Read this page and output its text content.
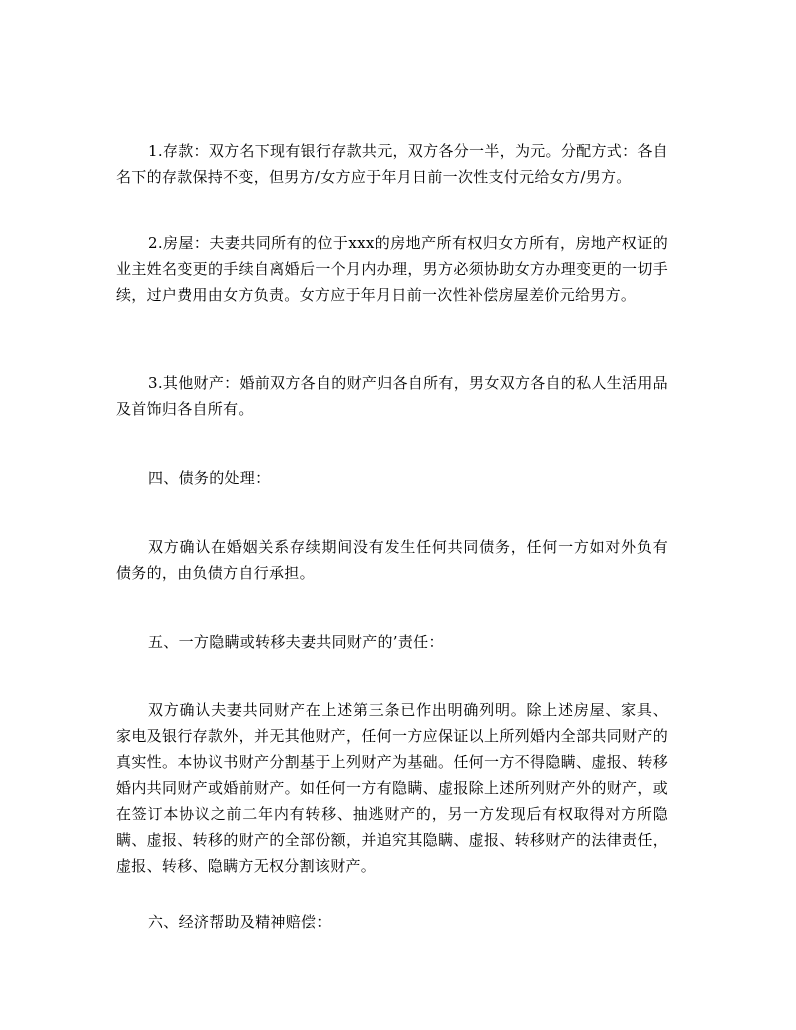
1.存款：双方名下现有银行存款共元，双方各分一半，为元。分配方式：各自名下的存款保持不变，但男方/女方应于年月日前一次性支付元给女方/男方。

2.房屋：夫妻共同所有的位于xxx的房地产所有权归女方所有，房地产权证的业主姓名变更的手续自离婚后一个月内办理，男方必须协助女方办理变更的一切手续，过户费用由女方负责。女方应于年月日前一次性补偿房屋差价元给男方。

3.其他财产：婚前双方各自的财产归各自所有，男女双方各自的私人生活用品及首饰归各自所有。

四、债务的处理：

双方确认在婚姻关系存续期间没有发生任何共同债务，任何一方如对外负有债务的，由负债方自行承担。

五、一方隐瞒或转移夫妻共同财产的’责任：

双方确认夫妻共同财产在上述第三条已作出明确列明。除上述房屋、家具、家电及银行存款外，并无其他财产，任何一方应保证以上所列婚内全部共同财产的真实性。本协议书财产分割基于上列财产为基础。任何一方不得隐瞒、虚报、转移婚内共同财产或婚前财产。如任何一方有隐瞒、虚报除上述所列财产外的财产，或在签订本协议之前二年内有转移、抽逃财产的，另一方发现后有权取得对方所隐瞒、虚报、转移的财产的全部份额，并追究其隐瞒、虚报、转移财产的法律责任，虚报、转移、隐瞒方无权分割该财产。

六、经济帮助及精神赔偿：
